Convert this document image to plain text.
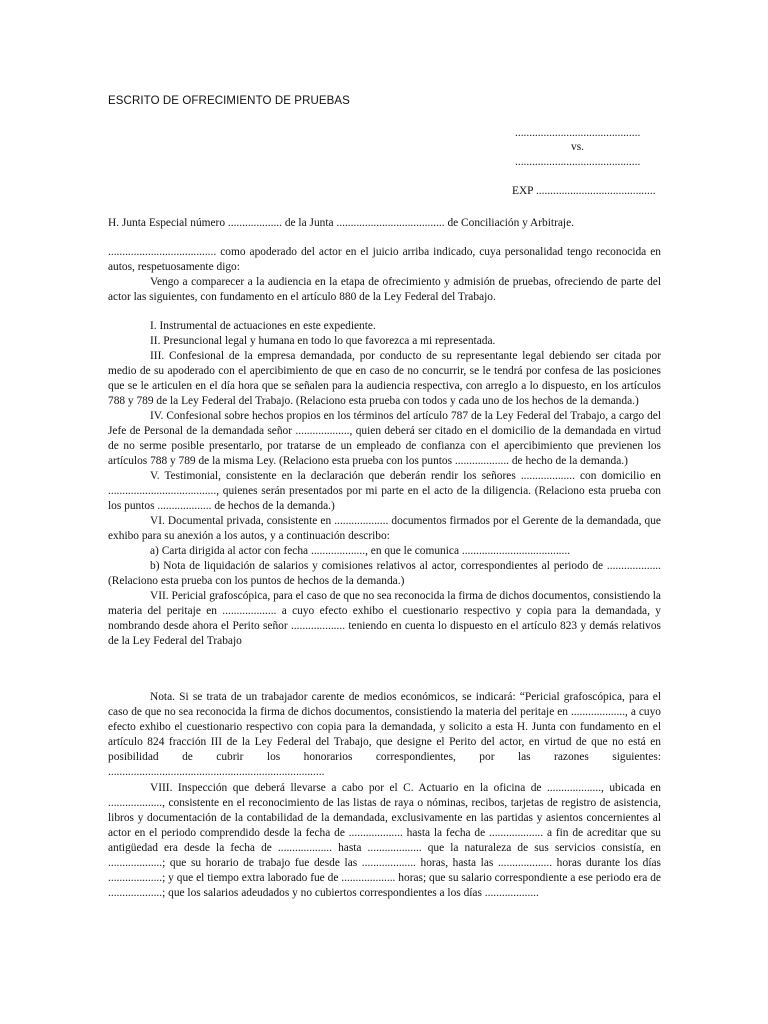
ESCRITO DE OFRECIMIENTO DE PRUEBAS
............................................
vs.
............................................
EXP ..........................................
H. Junta Especial número ................... de la Junta ...................................... de Conciliación y Arbitraje.
...................................... como apoderado del actor en el juicio arriba indicado, cuya personalidad tengo reconocida en autos, respetuosamente digo:
Vengo a comparecer a la audiencia en la etapa de ofrecimiento y admisión de pruebas, ofreciendo de parte del actor las siguientes, con fundamento en el artículo 880 de la Ley Federal del Trabajo.
I. Instrumental de actuaciones en este expediente.
II. Presuncional legal y humana en todo lo que favorezca a mi representada.
III. Confesional de la empresa demandada, por conducto de su representante legal debiendo ser citada por medio de su apoderado con el apercibimiento de que en caso de no concurrir, se le tendrá por confesa de las posiciones que se le articulen en el día hora que se señalen para la audiencia respectiva, con arreglo a lo dispuesto, en los artículos 788 y 789 de la Ley Federal del Trabajo. (Relaciono esta prueba con todos y cada uno de los hechos de la demanda.)
IV. Confesional sobre hechos propios en los términos del artículo 787 de la Ley Federal del Trabajo, a cargo del Jefe de Personal de la demandada señor ..................., quien deberá ser citado en el domicilio de la demandada en virtud de no serme posible presentarlo, por tratarse de un empleado de confianza con el apercibimiento que previenen los artículos 788 y 789 de la misma Ley. (Relaciono esta prueba con los puntos ................... de hecho de la demanda.)
V. Testimonial, consistente en la declaración que deberán rendir los señores ................... con domicilio en ......................................, quienes serán presentados por mi parte en el acto de la diligencia. (Relaciono esta prueba con los puntos ................... de hechos de la demanda.)
VI. Documental privada, consistente en ................... documentos firmados por el Gerente de la demandada, que exhibo para su anexión a los autos, y a continuación describo:
a) Carta dirigida al actor con fecha ..................., en que le comunica ......................................
b) Nota de liquidación de salarios y comisiones relativos al actor, correspondientes al periodo de ................... (Relaciono esta prueba con los puntos de hechos de la demanda.)
VII. Pericial grafoscópica, para el caso de que no sea reconocida la firma de dichos documentos, consistiendo la materia del peritaje en ................... a cuyo efecto exhibo el cuestionario respectivo y copia para la demandada, y nombrando desde ahora el Perito señor ................... teniendo en cuenta lo dispuesto en el artículo 823 y demás relativos de la Ley Federal del Trabajo
Nota. Si se trata de un trabajador carente de medios económicos, se indicará: “Pericial grafoscópica, para el caso de que no sea reconocida la firma de dichos documentos, consistiendo la materia del peritaje en ..................., a cuyo efecto exhibo el cuestionario respectivo con copia para la demandada, y solicito a esta H. Junta con fundamento en el artículo 824 fracción III de la Ley Federal del Trabajo, que designe el Perito del actor, en virtud de que no está en posibilidad de cubrir los honorarios correspondientes, por las razones siguientes: ............................................................................
VIII. Inspección que deberá llevarse a cabo por el C. Actuario en la oficina de ..................., ubicada en ..................., consistente en el reconocimiento de las listas de raya o nóminas, recibos, tarjetas de registro de asistencia, libros y documentación de la contabilidad de la demandada, exclusivamente en las partidas y asientos concernientes al actor en el periodo comprendido desde la fecha de ................... hasta la fecha de ................... a fin de acreditar que su antigüedad era desde la fecha de ................... hasta ................... que la naturaleza de sus servicios consistía, en ...................; que su horario de trabajo fue desde las ................... horas, hasta las ................... horas durante los días ...................; y que el tiempo extra laborado fue de ................... horas; que su salario correspondiente a ese periodo era de ...................; que los salarios adeudados y no cubiertos correspondientes a los días ...................
